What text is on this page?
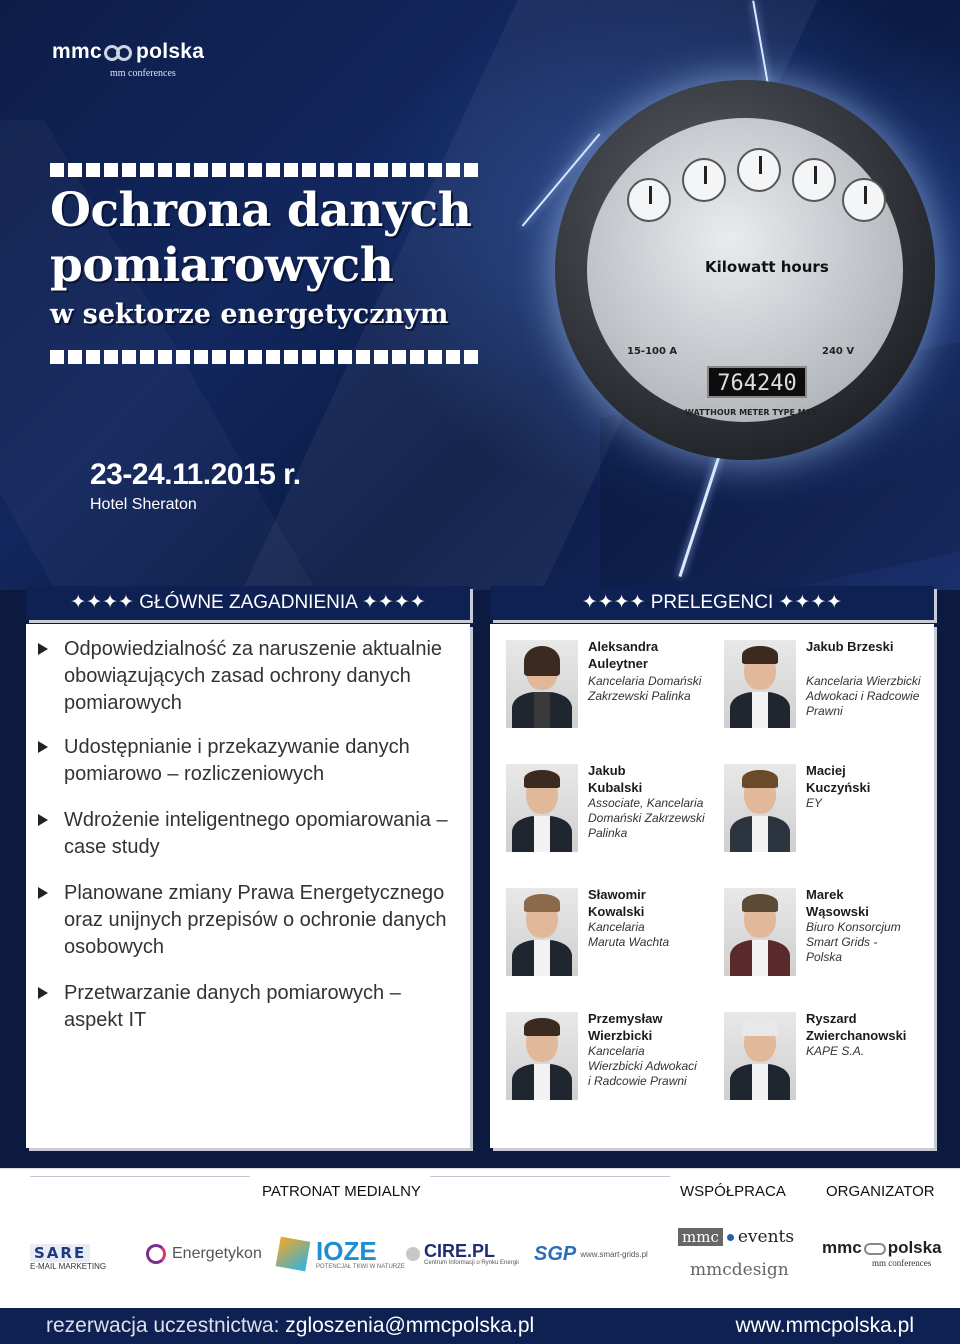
mmc polska
mm conferences
Ochrona danych
pomiarowych
w sektorze energetycznym
23-24.11.2015 r.
Hotel Sheraton
Kilowatt hours
15-100 A	240 V
764240
WATTHOUR METER TYPE M3S
✦✦✦✦ GŁÓWNE ZAGADNIENIA ✦✦✦✦	✦✦✦✦ PRELEGENCI ✦✦✦✦
Odpowiedzialność za naruszenie aktualnie obowiązujących zasad ochrony danych pomiarowych
Udostępnianie i przekazywanie danych pomiarowo – rozliczeniowych
Wdrożenie inteligentnego opomiarowania – case study
Planowane zmiany Prawa Energetycznego oraz unijnych przepisów o ochronie danych osobowych
Przetwarzanie danych pomiarowych – aspekt IT
Aleksandra Auleytner
Kancelaria Domański Zakrzewski Palinka
Jakub Brzeski
Kancelaria Wierzbicki Adwokaci i Radcowie Prawni
Jakub Kubalski
Associate, Kancelaria Domański Zakrzewski Palinka
Maciej Kuczyński
EY
Sławomir Kowalski
Kancelaria Maruta Wachta
Marek Wąsowski
Biuro Konsorcjum Smart Grids - Polska
Przemysław Wierzbicki
Kancelaria Wierzbicki Adwokaci i Radcowie Prawni
Ryszard Zwierchanowski
KAPE S.A.
PATRONAT MEDIALNY	WSPÓŁPRACA	ORGANIZATOR
SARE
E-MAIL MARKETING
Energetykon IOZE
POTENCJAŁ TKWI W NATURZE
CIRE.PL
Centrum Informacji o Rynku Energii SGP www.smart-grids.pl
mmc events
mmcdesign
mmc polska
mm conferences
rezerwacja uczestnictwa: zgloszenia@mmcpolska.pl	www.mmcpolska.pl
